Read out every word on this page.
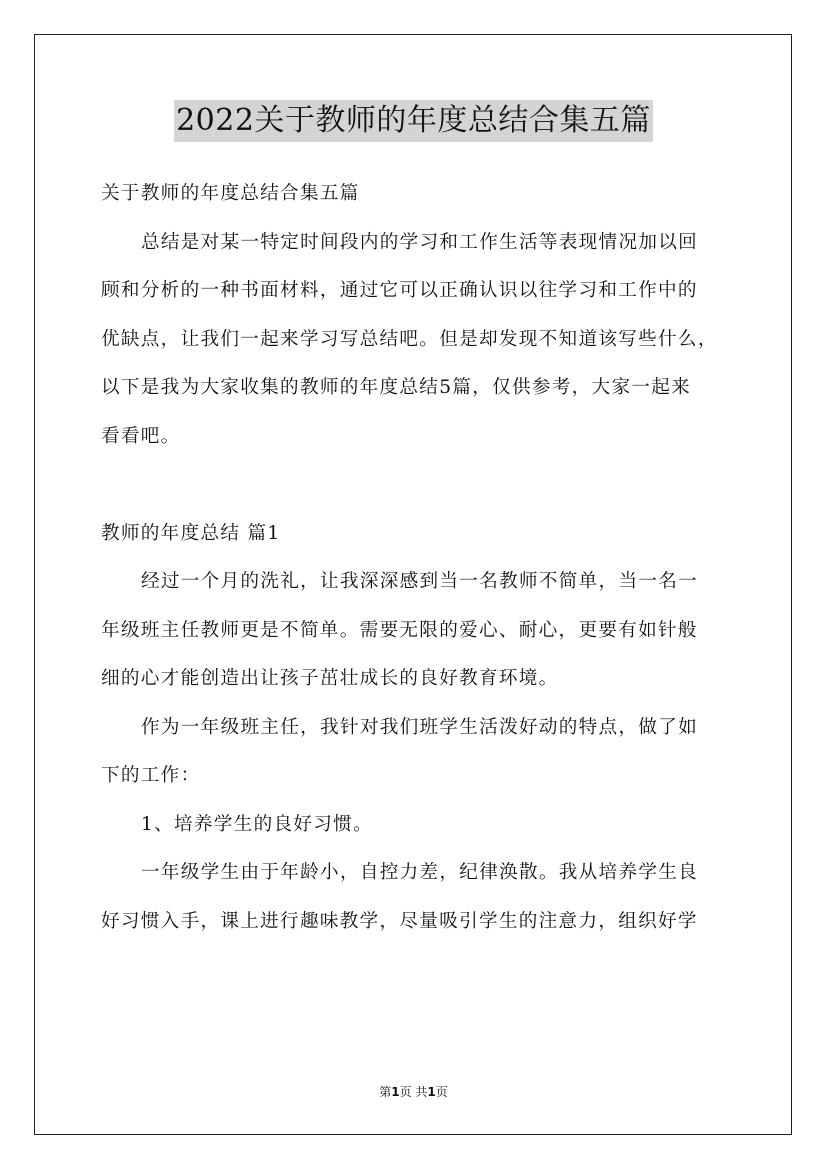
2022关于教师的年度总结合集五篇
关于教师的年度总结合集五篇
总结是对某一特定时间段内的学习和工作生活等表现情况加以回
顾和分析的一种书面材料，通过它可以正确认识以往学习和工作中的
优缺点，让我们一起来学习写总结吧。但是却发现不知道该写些什么，
以下是我为大家收集的教师的年度总结5篇，仅供参考，大家一起来
看看吧。
教师的年度总结 篇1
经过一个月的洗礼，让我深深感到当一名教师不简单，当一名一
年级班主任教师更是不简单。需要无限的爱心、耐心，更要有如针般
细的心才能创造出让孩子茁壮成长的良好教育环境。
作为一年级班主任，我针对我们班学生活泼好动的特点，做了如
下的工作：
1、培养学生的良好习惯。
一年级学生由于年龄小，自控力差，纪律涣散。我从培养学生良
好习惯入手，课上进行趣味教学，尽量吸引学生的注意力，组织好学
第1页 共1页
